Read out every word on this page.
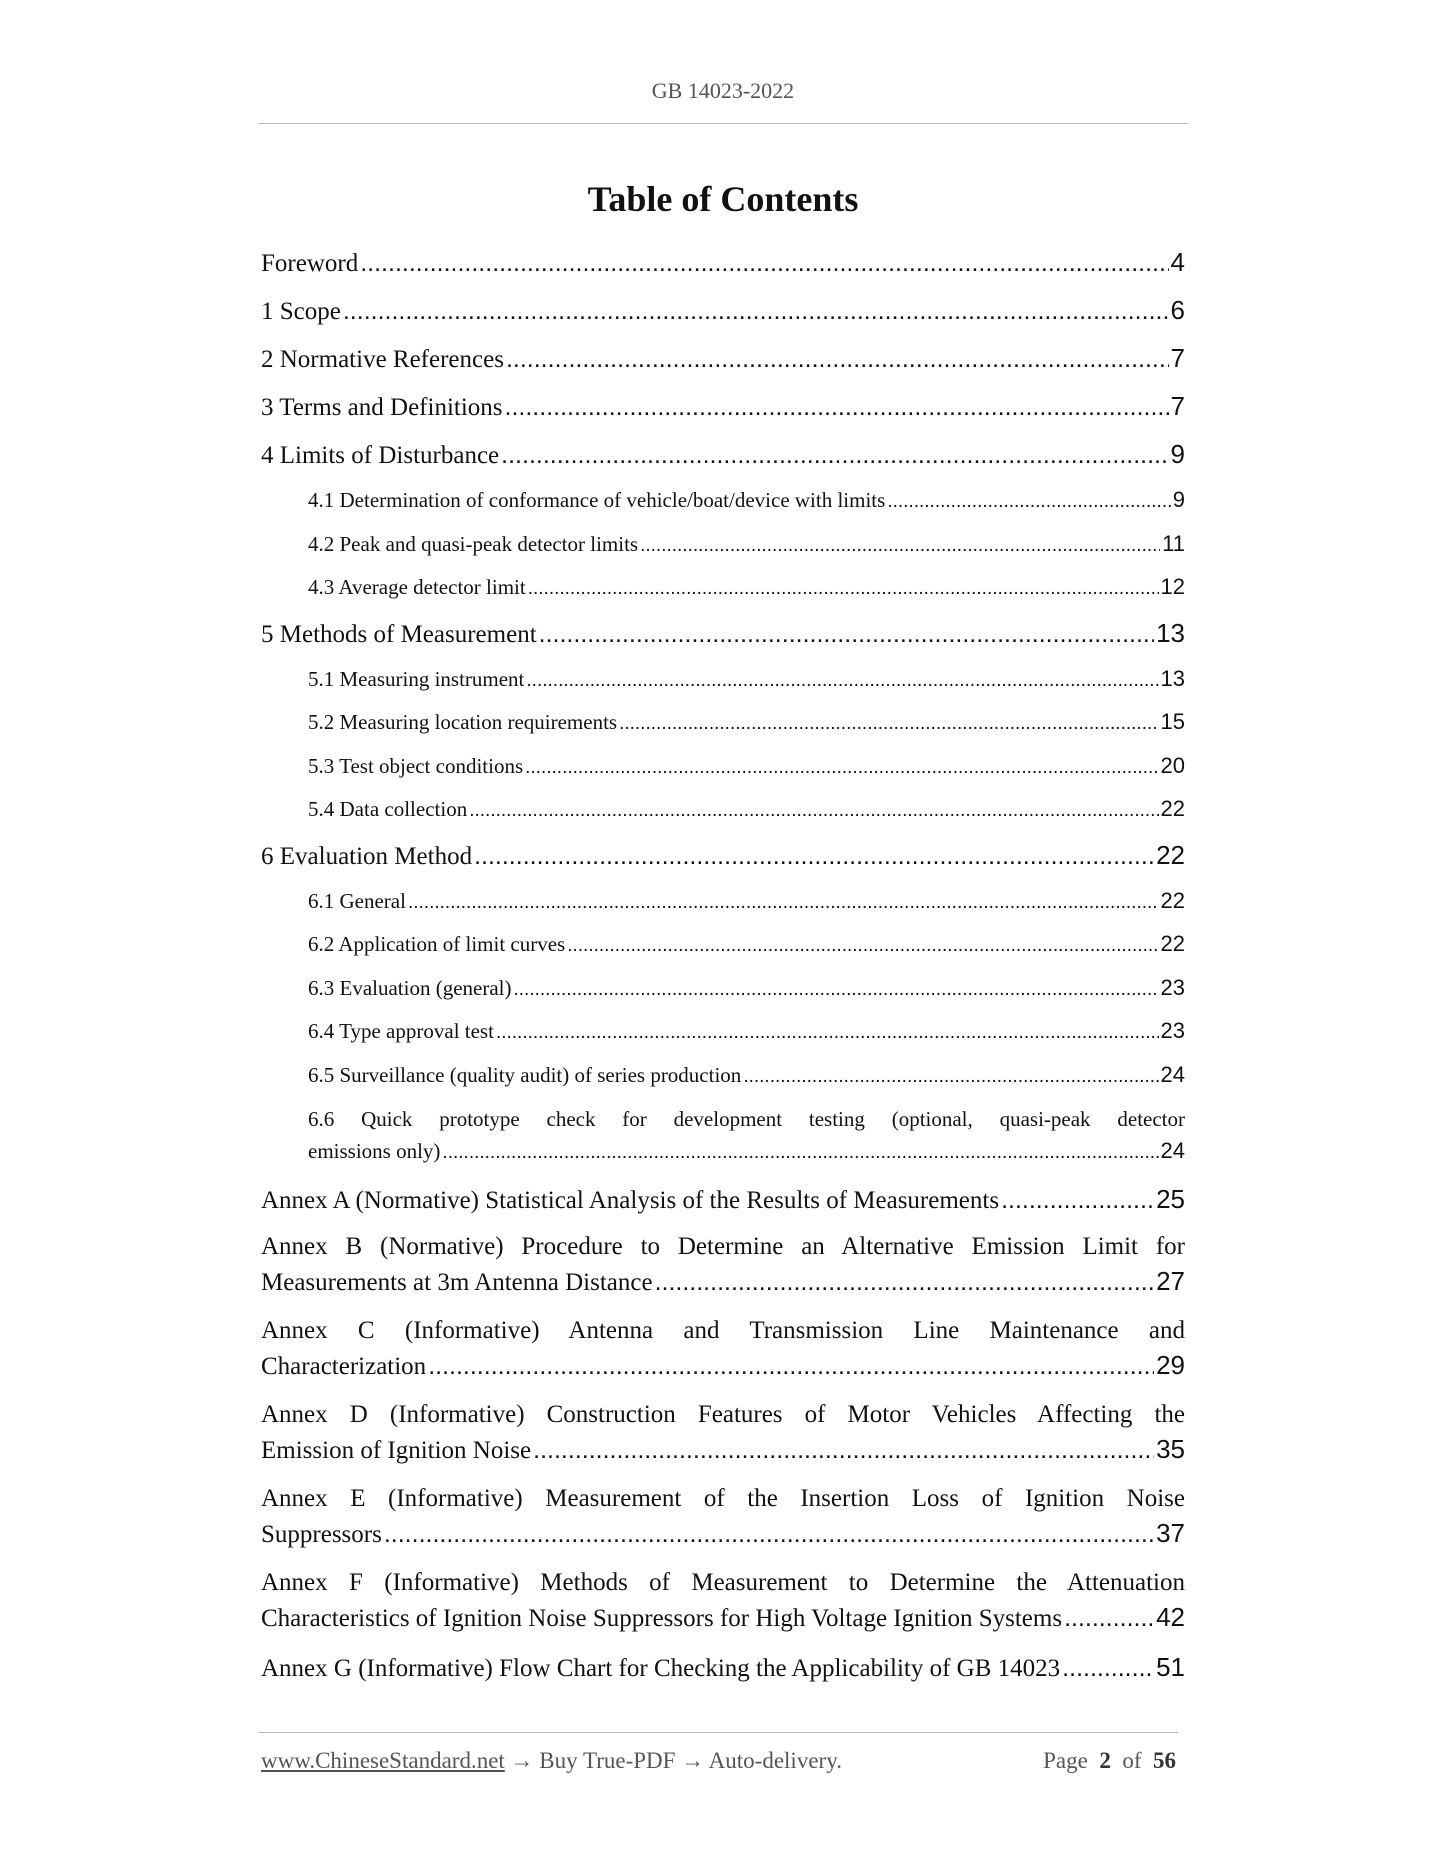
GB 14023-2022
Table of Contents
Foreword .....	4
1 Scope .....	6
2 Normative References .....	7
3 Terms and Definitions .....	7
4 Limits of Disturbance .....	9
4.1 Determination of conformance of vehicle/boat/device with limits .....	9
4.2 Peak and quasi-peak detector limits .....	11
4.3 Average detector limit .....	12
5 Methods of Measurement .....	13
5.1 Measuring instrument .....	13
5.2 Measuring location requirements .....	15
5.3 Test object conditions .....	20
5.4 Data collection .....	22
6 Evaluation Method .....	22
6.1 General .....	22
6.2 Application of limit curves .....	22
6.3 Evaluation (general) .....	23
6.4 Type approval test .....	23
6.5 Surveillance (quality audit) of series production .....	24
6.6 Quick prototype check for development testing (optional, quasi-peak detector
emissions only) .....	24
Annex A (Normative) Statistical Analysis of the Results of Measurements .....	25
Annex B (Normative) Procedure to Determine an Alternative Emission Limit for
Measurements at 3m Antenna Distance .....	27
Annex C (Informative) Antenna and Transmission Line Maintenance and
Characterization .....	29
Annex D (Informative) Construction Features of Motor Vehicles Affecting the
Emission of Ignition Noise .....	35
Annex E (Informative) Measurement of the Insertion Loss of Ignition Noise
Suppressors .....	37
Annex F (Informative) Methods of Measurement to Determine the Attenuation
Characteristics of Ignition Noise Suppressors for High Voltage Ignition Systems .....	42
Annex G (Informative) Flow Chart for Checking the Applicability of GB 14023 .....	51
www.ChineseStandard.net → Buy True-PDF → Auto-delivery.	Page 2 of 56
